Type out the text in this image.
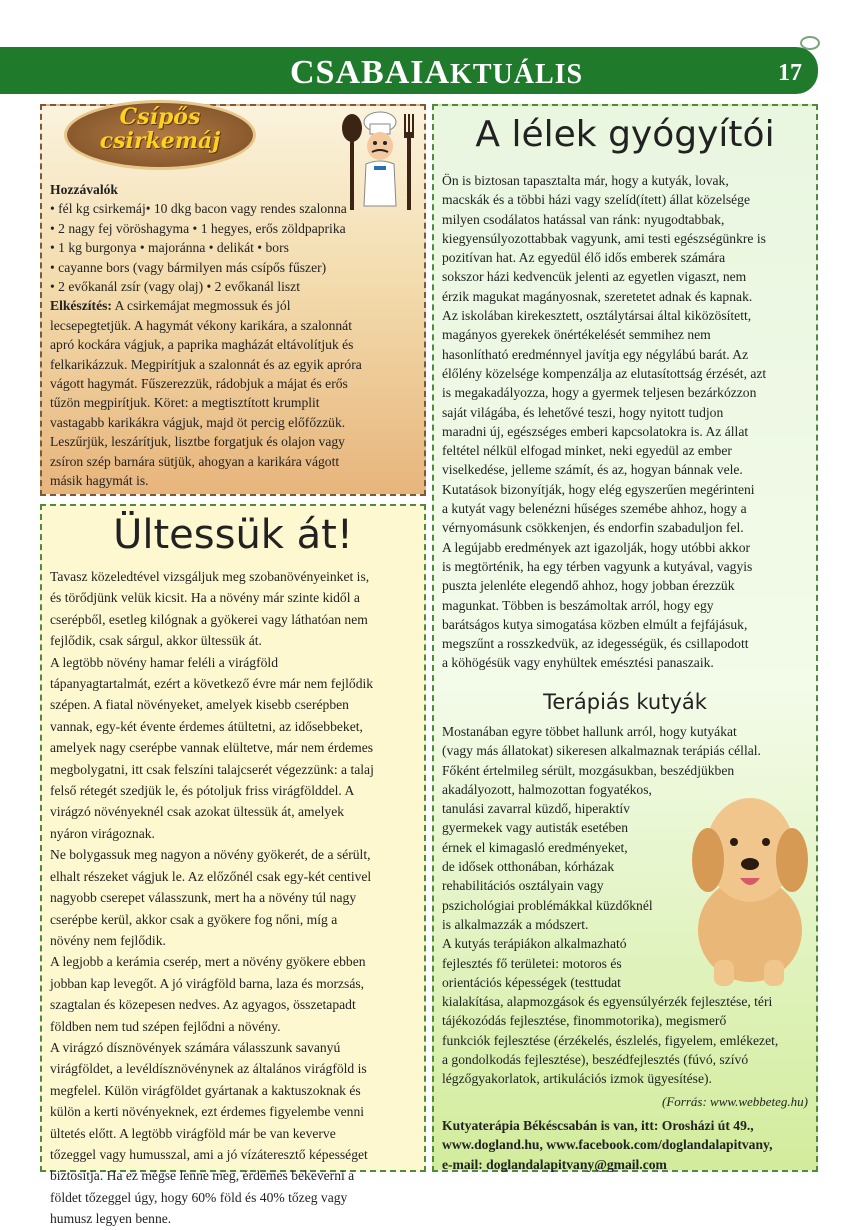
CSABAIAKTUÁLIS	17
Csípős
csirkemáj
Hozzávalók
• fél kg csirkemáj• 10 dkg bacon vagy rendes szalonna
• 2 nagy fej vöröshagyma • 1 hegyes, erős zöldpaprika
• 1 kg burgonya • majoránna • delikát • bors
• cayanne bors (vagy bármilyen más csípős fűszer)
• 2 evőkanál zsír (vagy olaj) • 2 evőkanál liszt
Elkészítés: A csirkemájat megmossuk és jól
lecsepegtetjük. A hagymát vékony karikára, a szalonnát
apró kockára vágjuk, a paprika magházát eltávolítjuk és
felkarikázzuk. Megpirítjuk a szalonnát és az egyik apróra
vágott hagymát. Fűszerezzük, rádobjuk a májat és erős
tűzön megpirítjuk. Köret: a megtisztított krumplit
vastagabb karikákra vágjuk, majd öt percig előfőzzük.
Leszűrjük, leszárítjuk, lisztbe forgatjuk és olajon vagy
zsíron szép barnára sütjük, ahogyan a karikára vágott
másik hagymát is.
Ültessük át!
Tavasz közeledtével vizsgáljuk meg szobanövényeinket is,
és törődjünk velük kicsit. Ha a növény már szinte kidől a
cserépből, esetleg kilógnak a gyökerei vagy láthatóan nem
fejlődik, csak sárgul, akkor ültessük át.
A legtöbb növény hamar feléli a virágföld
tápanyagtartalmát, ezért a következő évre már nem fejlődik
szépen. A fiatal növényeket, amelyek kisebb cserépben
vannak, egy-két évente érdemes átültetni, az idősebbeket,
amelyek nagy cserépbe vannak elültetve, már nem érdemes
megbolygatni, itt csak felszíni talajcserét végezzünk: a talaj
felső rétegét szedjük le, és pótoljuk friss virágfölddel. A
virágzó növényeknél csak azokat ültessük át, amelyek
nyáron virágoznak.
Ne bolygassuk meg nagyon a növény gyökerét, de a sérült,
elhalt részeket vágjuk le. Az előzőnél csak egy-két centivel
nagyobb cserepet válasszunk, mert ha a növény túl nagy
cserépbe kerül, akkor csak a gyökere fog nőni, míg a
növény nem fejlődik.
A legjobb a kerámia cserép, mert a növény gyökere ebben
jobban kap levegőt. A jó virágföld barna, laza és morzsás,
szagtalan és közepesen nedves. Az agyagos, összetapadt
földben nem tud szépen fejlődni a növény.
A virágzó dísznövények számára válasszunk savanyú
virágföldet, a levéldísznövénynek az általános virágföld is
megfelel. Külön virágföldet gyártanak a kaktuszoknak és
külön a kerti növényeknek, ezt érdemes figyelembe venni
ültetés előtt. A legtöbb virágföld már be van keverve
tőzeggel vagy humusszal, ami a jó vízáteresztő képességet
biztosítja. Ha ez mégse lenne meg, érdemes bekeverni a
földet tőzeggel úgy, hogy 60% föld és 40% tőzeg vagy
humusz legyen benne.
A lélek gyógyítói
Ön is biztosan tapasztalta már, hogy a kutyák, lovak,
macskák és a többi házi vagy szelíd(ített) állat közelsége
milyen csodálatos hatással van ránk: nyugodtabbak,
kiegyensúlyozottabbak vagyunk, ami testi egészségünkre is
pozitívan hat. Az egyedül élő idős emberek számára
sokszor házi kedvencük jelenti az egyetlen vigaszt, nem
érzik magukat magányosnak, szeretetet adnak és kapnak.
Az iskolában kirekesztett, osztálytársai által kiközösített,
magányos gyerekek önértékelését semmihez nem
hasonlítható eredménnyel javítja egy négylábú barát. Az
élőlény közelsége kompenzálja az elutasítottság érzését, azt
is megakadályozza, hogy a gyermek teljesen bezárkózzon
saját világába, és lehetővé teszi, hogy nyitott tudjon
maradni új, egészséges emberi kapcsolatokra is. Az állat
feltétel nélkül elfogad minket, neki egyedül az ember
viselkedése, jelleme számít, és az, hogyan bánnak vele.
Kutatások bizonyítják, hogy elég egyszerűen megérinteni
a kutyát vagy belenézni hűséges szemébe ahhoz, hogy a
vérnyomásunk csökkenjen, és endorfin szabaduljon fel.
A legújabb eredmények azt igazolják, hogy utóbbi akkor
is megtörténik, ha egy térben vagyunk a kutyával, vagyis
puszta jelenléte elegendő ahhoz, hogy jobban érezzük
magunkat. Többen is beszámoltak arról, hogy egy
barátságos kutya simogatása közben elmúlt a fejfájásuk,
megszűnt a rosszkedvük, az idegességük, és csillapodott
a köhögésük vagy enyhültek emésztési panaszaik.
Terápiás kutyák
Mostanában egyre többet hallunk arról, hogy kutyákat
(vagy más állatokat) sikeresen alkalmaznak terápiás céllal.
Főként értelmileg sérült, mozgásukban, beszédjükben
akadályozott, halmozottan fogyatékos,
tanulási zavarral küzdő, hiperaktív
gyermekek vagy autisták esetében
érnek el kimagasló eredményeket,
de idősek otthonában, kórházak
rehabilitációs osztályain vagy
pszichológiai problémákkal küzdőknél
is alkalmazzák a módszert.
A kutyás terápiákon alkalmazható
fejlesztés fő területei: motoros és
orientációs képességek (testtudat
kialakítása, alapmozgások és egyensúlyérzék fejlesztése, téri
tájékozódás fejlesztése, finommotorika), megismerő
funkciók fejlesztése (érzékelés, észlelés, figyelem, emlékezet,
a gondolkodás fejlesztése), beszédfejlesztés (fúvó, szívó
légzőgyakorlatok, artikulációs izmok ügyesítése).
(Forrás: www.webbeteg.hu)
Kutyaterápia Békéscsabán is van, itt: Orosházi út 49.,
www.dogland.hu, www.facebook.com/doglandalapitvany,
e-mail: doglandalapitvany@gmail.com
